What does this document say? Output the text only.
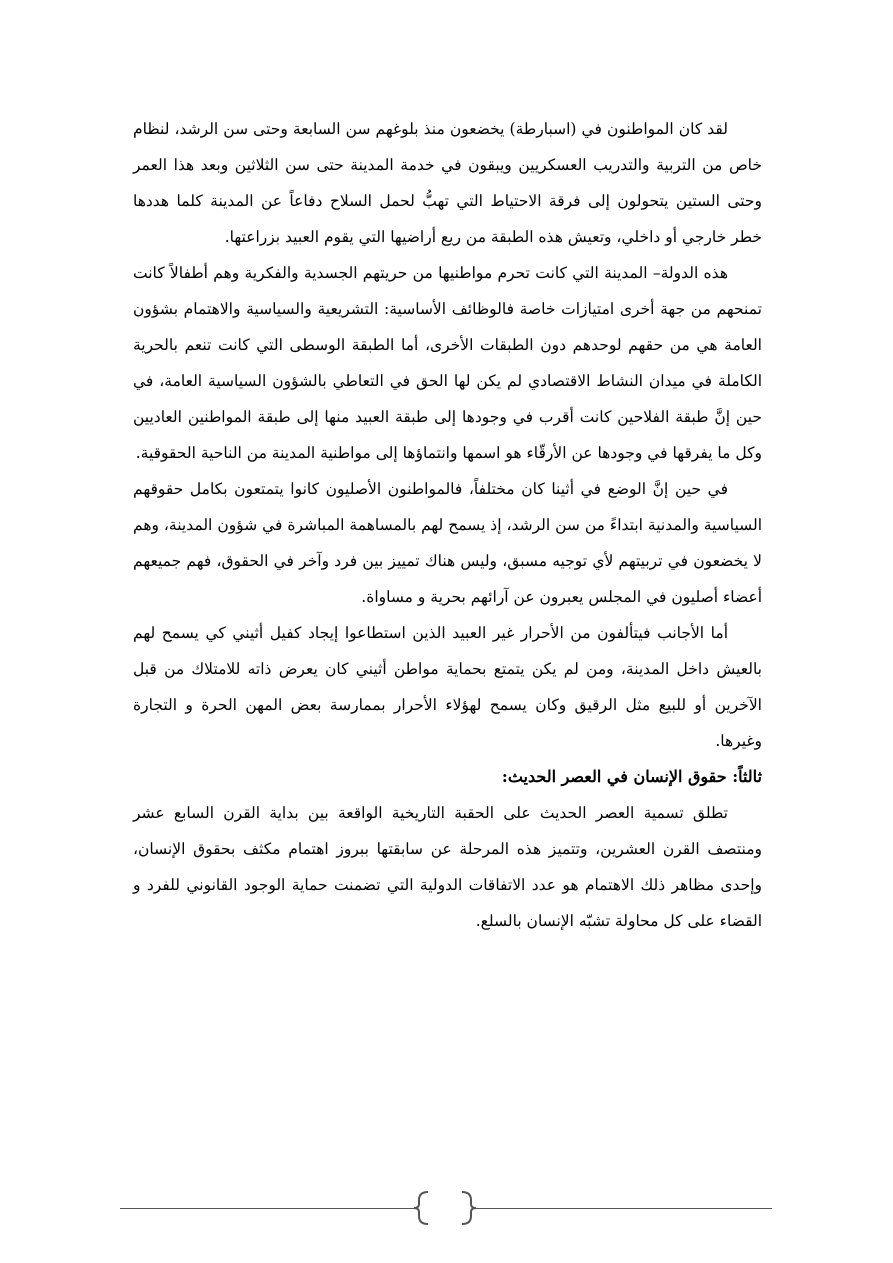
لقد كان المواطنون في (اسبارطة) يخضعون منذ بلوغهم سن السابعة وحتى سن الرشد، لنظام خاص من التربية والتدريب العسكريين ويبقون في خدمة المدينة حتى سن الثلاثين وبعد هذا العمر وحتى الستين يتحولون إلى فرقة الاحتياط التي تهبُّ لحمل السلاح دفاعاً عن المدينة كلما هددها خطر خارجي أو داخلي، وتعيش هذه الطبقة من ريع أراضيها التي يقوم العبيد بزراعتها.

هذه الدولة– المدينة التي كانت تحرم مواطنيها من حريتهم الجسدية والفكرية وهم أطفالاً كانت تمنحهم من جهة أخرى امتيازات خاصة فالوظائف الأساسية: التشريعية والسياسية والاهتمام بشؤون العامة هي من حقهم لوحدهم دون الطبقات الأخرى، أما الطبقة الوسطى التي كانت تنعم بالحرية الكاملة في ميدان النشاط الاقتصادي لم يكن لها الحق في التعاطي بالشؤون السياسية العامة، في حين إنَّ طبقة الفلاحين كانت أقرب في وجودها إلى طبقة العبيد منها إلى طبقة المواطنين العاديين وكل ما يفرقها في وجودها عن الأرقّاء هو اسمها وانتماؤها إلى مواطنية المدينة من الناحية الحقوقية.

في حين إنَّ الوضع في أثينا كان مختلفاً، فالمواطنون الأصليون كانوا يتمتعون بكامل حقوقهم السياسية والمدنية ابتداءً من سن الرشد، إذ يسمح لهم بالمساهمة المباشرة في شؤون المدينة، وهم لا يخضعون في تربيتهم لأي توجيه مسبق، وليس هناك تمييز بين فرد وآخر في الحقوق، فهم جميعهم أعضاء أصليون في المجلس يعبرون عن آرائهم بحرية و مساواة.

أما الأجانب فيتألفون من الأحرار غير العبيد الذين استطاعوا إيجاد كفيل أثيني كي يسمح لهم بالعيش داخل المدينة، ومن لم يكن يتمتع بحماية مواطن أثيني كان يعرض ذاته للامتلاك من قبل الآخرين أو للبيع مثل الرقيق وكان يسمح لهؤلاء الأحرار بممارسة بعض المهن الحرة و التجارة وغيرها.

ثالثاً: حقوق الإنسان في العصر الحديث:

تطلق تسمية العصر الحديث على الحقبة التاريخية الواقعة بين بداية القرن السابع عشر ومنتصف القرن العشرين، وتتميز هذه المرحلة عن سابقتها ببروز اهتمام مكثف بحقوق الإنسان، وإحدى مظاهر ذلك الاهتمام هو عدد الاتفاقات الدولية التي تضمنت حماية الوجود القانوني للفرد و القضاء على كل محاولة تشبّه الإنسان بالسلع.
